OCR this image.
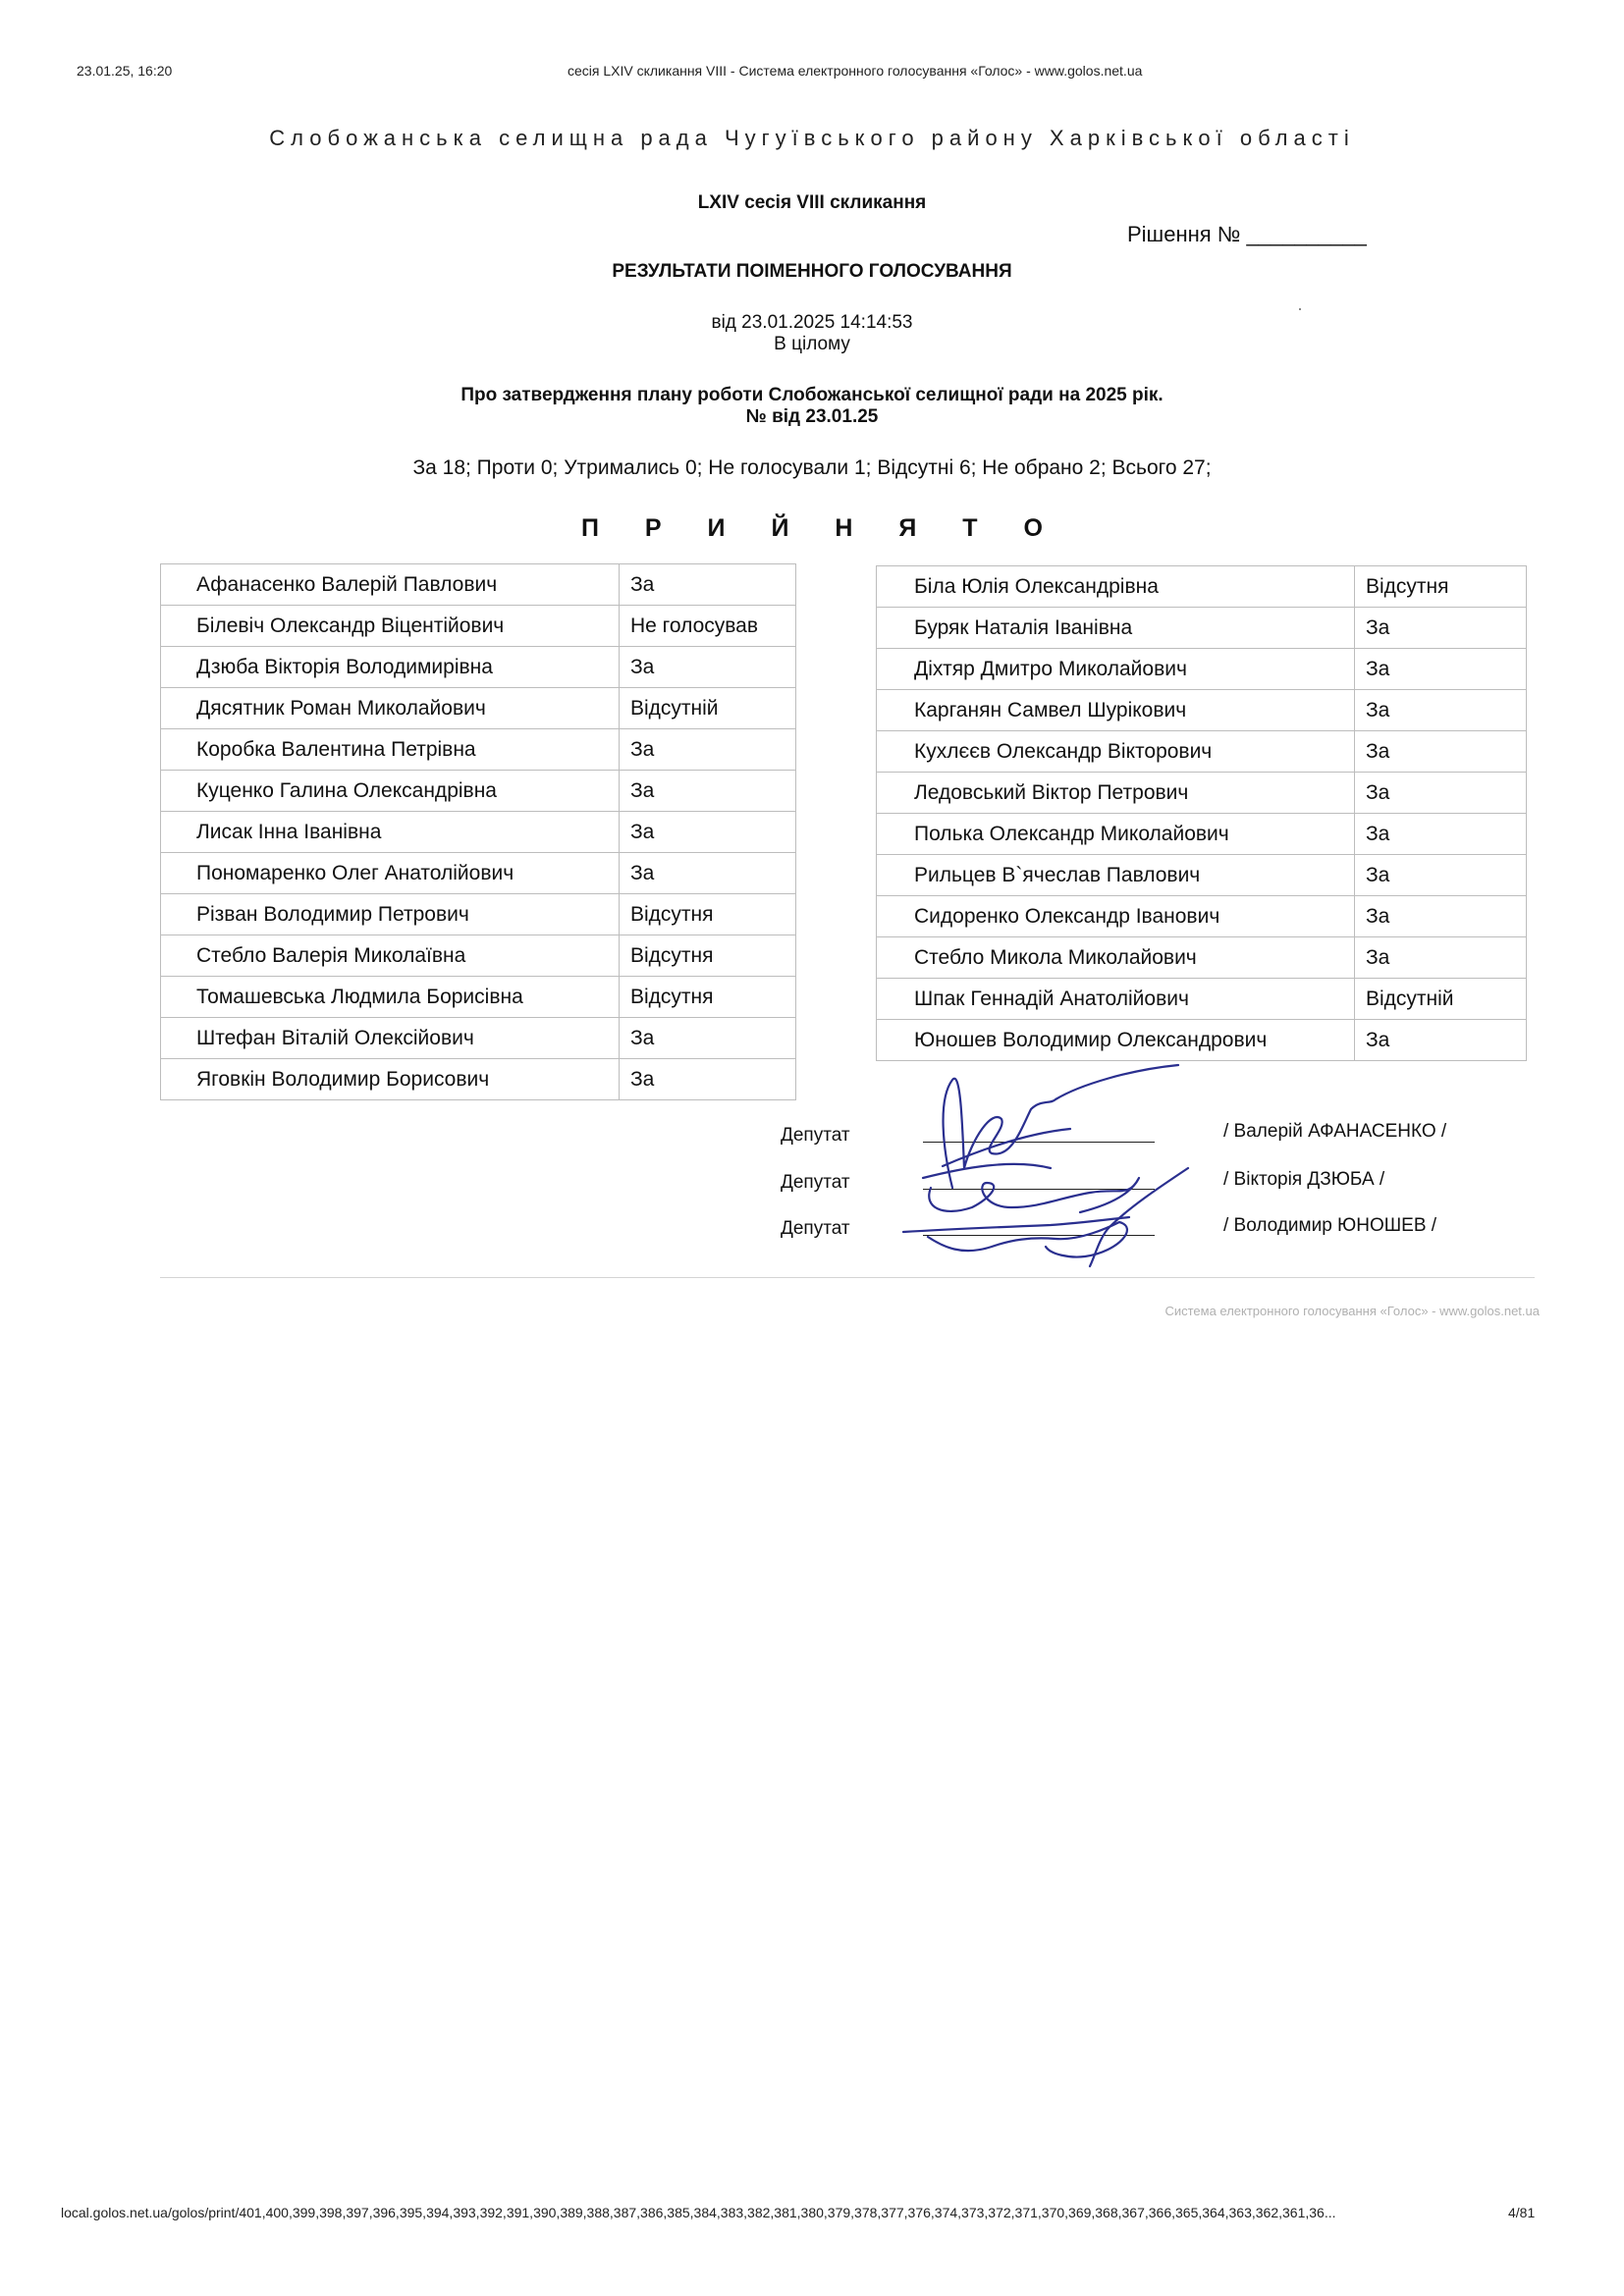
23.01.25, 16:20	сесія LXIV скликання VIII - Система електронного голосування «Голос» - www.golos.net.ua
Слобожанська селищна рада Чугуївського району Харківської області
LXIV сесія VIII скликання
Рішення № __________
РЕЗУЛЬТАТИ ПОІМЕННОГО ГОЛОСУВАННЯ
від 23.01.2025 14:14:53
В цілому
Про затвердження плану роботи Слобожанської селищної ради на 2025 рік.
№ від 23.01.25
За 18; Проти 0; Утримались 0; Не голосували 1; Відсутні 6; Не обрано 2; Всього 27;
П Р И Й Н Я Т О
Афанасенко Валерій Павлович	За
Білевіч Олександр Віцентійович	Не голосував
Дзюба Вікторія Володимирівна	За
Дясятник Роман Миколайович	Відсутній
Коробка Валентина Петрівна	За
Куценко Галина Олександрівна	За
Лисак Інна Іванівна	За
Пономаренко Олег Анатолійович	За
Різван Володимир Петрович	Відсутня
Стебло Валерія Миколаївна	Відсутня
Томашевська Людмила Борисівна	Відсутня
Штефан Віталій Олексійович	За
Яговкін Володимир Борисович	За
Біла Юлія Олександрівна	Відсутня
Буряк Наталія Іванівна	За
Діхтяр Дмитро Миколайович	За
Карганян Самвел Шурікович	За
Кухлєєв Олександр Вікторович	За
Ледовський Віктор Петрович	За
Полька Олександр Миколайович	За
Рильцев В`ячеслав Павлович	За
Сидоренко Олександр Іванович	За
Стебло Микола Миколайович	За
Шпак Геннадій Анатолійович	Відсутній
Юношев Володимир Олександрович	За
Депутат
Депутат
Депутат
/ Валерій АФАНАСЕНКО /
/ Вікторія ДЗЮБА /
/ Володимир ЮНОШЕВ /
Система електронного голосування «Голос» - www.golos.net.ua
local.golos.net.ua/golos/print/401,400,399,398,397,396,395,394,393,392,391,390,389,388,387,386,385,384,383,382,381,380,379,378,377,376,374,373,372,371,370,369,368,367,366,365,364,363,362,361,36...	4/81
